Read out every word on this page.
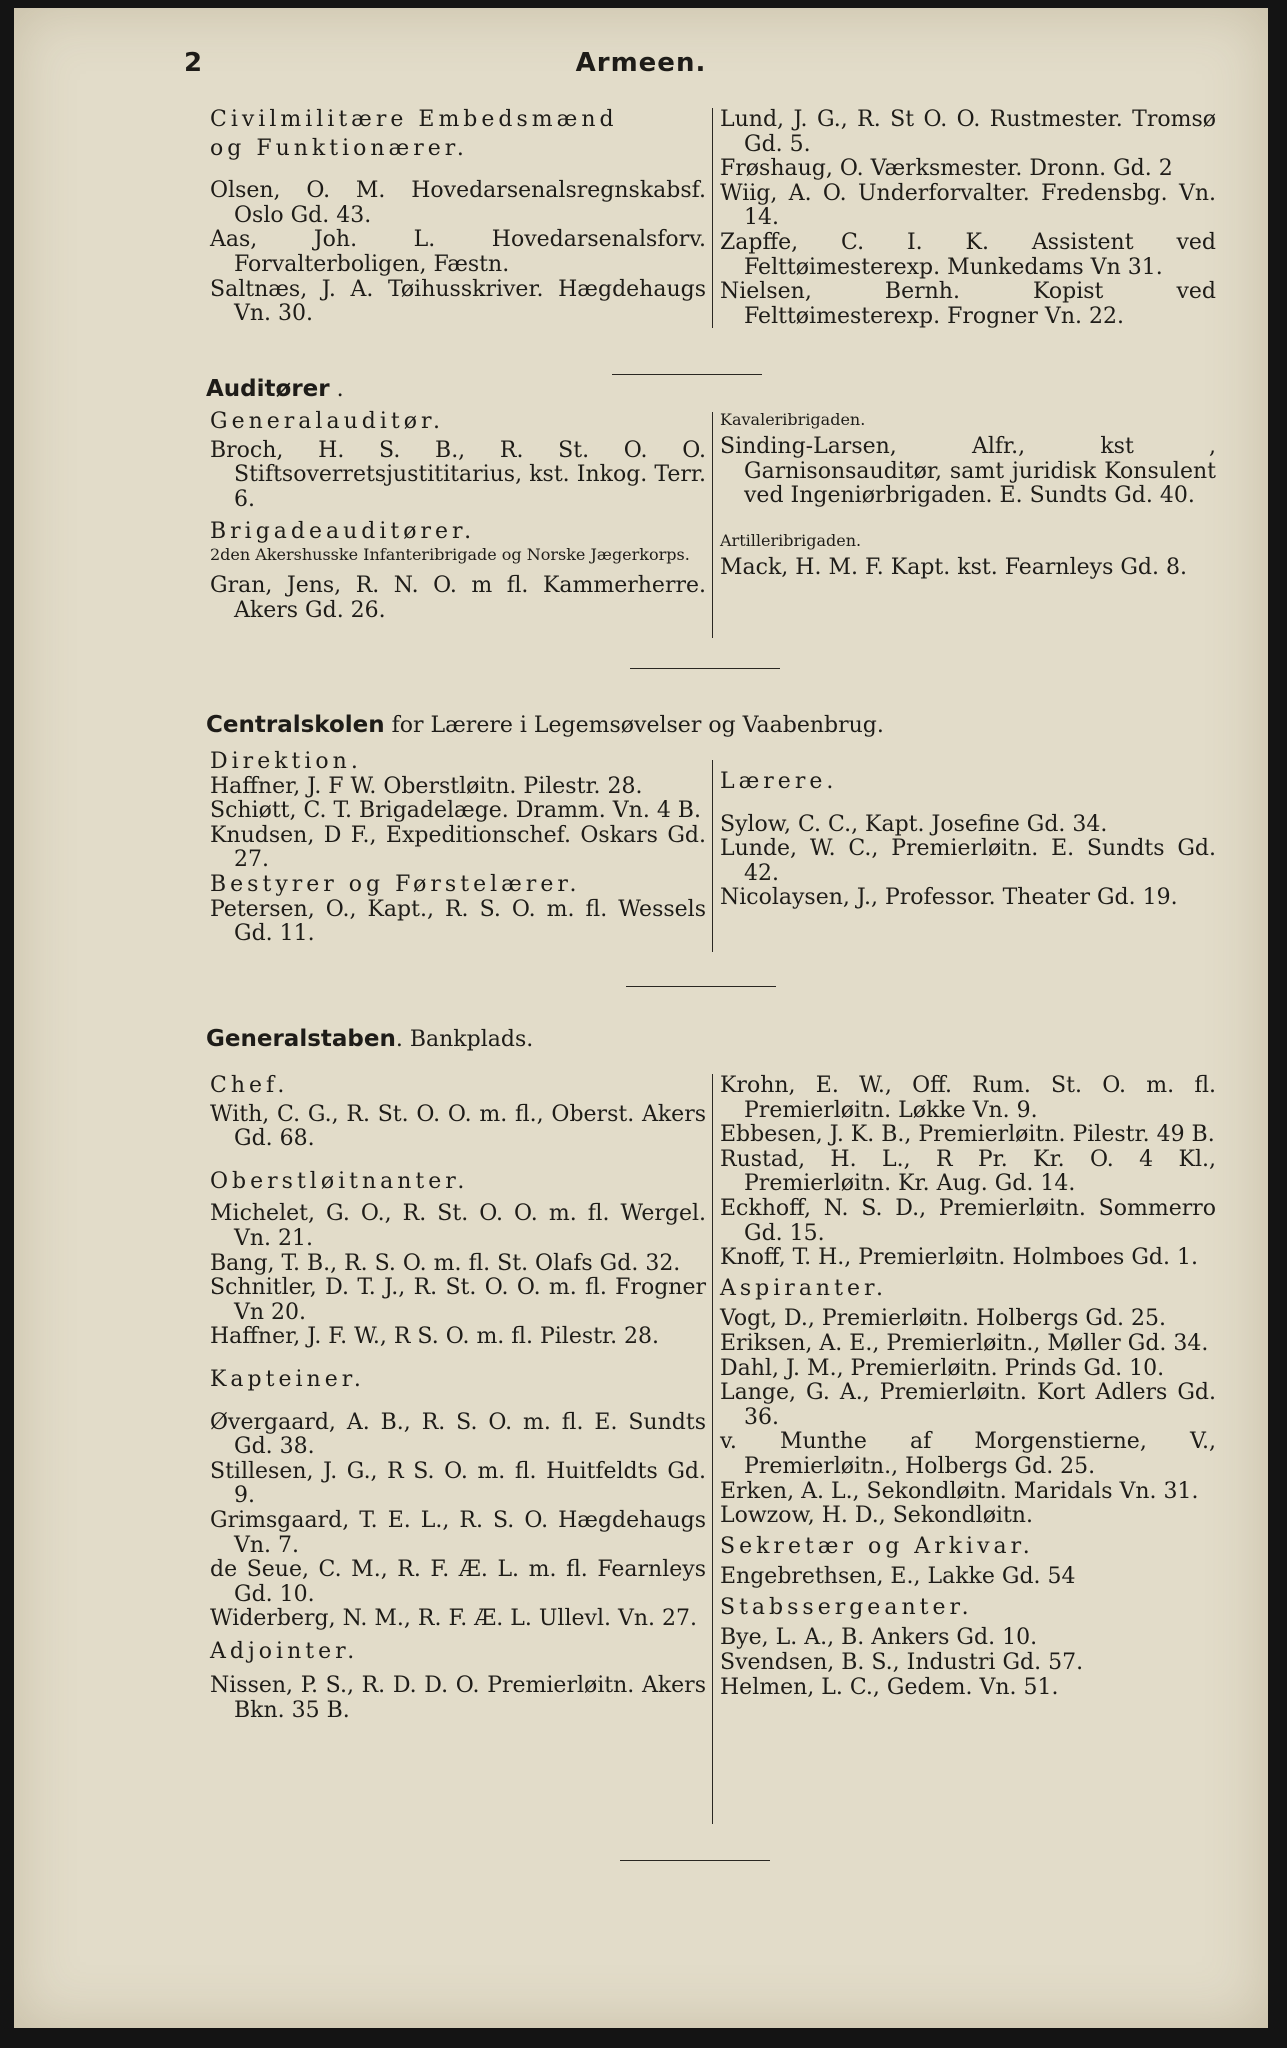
2	Armeen.

Civilmilitære Embedsmænd

og Funktionærer.

Olsen, O. M. Hovedarsenalsregnskabsf. Oslo Gd. 43.

Aas, Joh. L. Hovedarsenalsforv. Forvalterboligen, Fæstn.

Saltnæs, J. A. Tøihusskriver. Hægdehaugs Vn. 30.

Lund, J. G., R. St O. O. Rustmester. Tromsø Gd. 5.

Frøshaug, O. Værksmester. Dronn. Gd. 2

Wiig, A. O. Underforvalter. Fredensbg. Vn. 14.

Zapffe, C. I. K. Assistent ved Felttøimesterexp. Munkedams Vn 31.

Nielsen, Bernh. Kopist ved Felttøimesterexp. Frogner Vn. 22.

Auditører .

Generalauditør.

Broch, H. S. B., R. St. O. O. Stiftsoverretsjustititarius, kst. Inkog. Terr. 6.

Brigadeauditører.

2den Akershusske Infanteribrigade og Norske Jægerkorps.

Gran, Jens, R. N. O. m fl. Kammerherre. Akers Gd. 26.

Kavaleribrigaden.

Sinding-Larsen, Alfr., kst , Garnisonsauditør, samt juridisk Konsulent ved Ingeniørbrigaden. E. Sundts Gd. 40.

Artilleribrigaden.

Mack, H. M. F. Kapt. kst. Fearnleys Gd. 8.

Centralskolen for Lærere i Legemsøvelser og Vaabenbrug.

Direktion.

Haffner, J. F W. Oberstløitn. Pilestr. 28.

Schiøtt, C. T. Brigadelæge. Dramm. Vn. 4 B.

Knudsen, D F., Expeditionschef. Oskars Gd. 27.

Bestyrer og Førstelærer.

Petersen, O., Kapt., R. S. O. m. fl. Wessels Gd. 11.

Lærere.

Sylow, C. C., Kapt. Josefine Gd. 34.

Lunde, W. C., Premierløitn. E. Sundts Gd. 42.

Nicolaysen, J., Professor. Theater Gd. 19.

Generalstaben. Bankplads.

Chef.

With, C. G., R. St. O. O. m. fl., Oberst. Akers Gd. 68.

Oberstløitnanter.

Michelet, G. O., R. St. O. O. m. fl. Wergel. Vn. 21.

Bang, T. B., R. S. O. m. fl. St. Olafs Gd. 32.

Schnitler, D. T. J., R. St. O. O. m. fl. Frogner Vn 20.

Haffner, J. F. W., R S. O. m. fl. Pilestr. 28.

Kapteiner.

Øvergaard, A. B., R. S. O. m. fl. E. Sundts Gd. 38.

Stillesen, J. G., R S. O. m. fl. Huitfeldts Gd. 9.

Grimsgaard, T. E. L., R. S. O. Hægdehaugs Vn. 7.

de Seue, C. M., R. F. Æ. L. m. fl. Fearnleys Gd. 10.

Widerberg, N. M., R. F. Æ. L. Ullevl. Vn. 27.

Adjointer.

Nissen, P. S., R. D. D. O. Premierløitn. Akers Bkn. 35 B.

Krohn, E. W., Off. Rum. St. O. m. fl. Premierløitn. Løkke Vn. 9.

Ebbesen, J. K. B., Premierløitn. Pilestr. 49 B.

Rustad, H. L., R Pr. Kr. O. 4 Kl., Premierløitn. Kr. Aug. Gd. 14.

Eckhoff, N. S. D., Premierløitn. Sommerro Gd. 15.

Knoff, T. H., Premierløitn. Holmboes Gd. 1.

Aspiranter.

Vogt, D., Premierløitn. Holbergs Gd. 25.

Eriksen, A. E., Premierløitn., Møller Gd. 34.

Dahl, J. M., Premierløitn. Prinds Gd. 10.

Lange, G. A., Premierløitn. Kort Adlers Gd. 36.

v. Munthe af Morgenstierne, V., Premierløitn., Holbergs Gd. 25.

Erken, A. L., Sekondløitn. Maridals Vn. 31.

Lowzow, H. D., Sekondløitn.

Sekretær og Arkivar.

Engebrethsen, E., Lakke Gd. 54

Stabssergeanter.

Bye, L. A., B. Ankers Gd. 10.

Svendsen, B. S., Industri Gd. 57.

Helmen, L. C., Gedem. Vn. 51.
